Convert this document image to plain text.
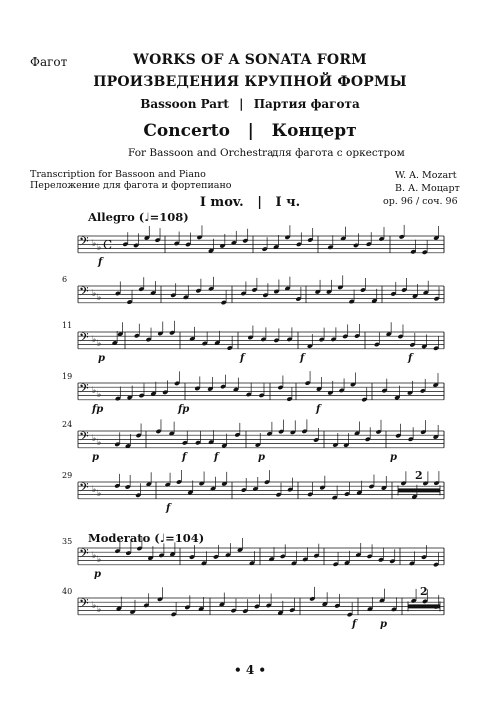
Фагот	WORKS OF A SONATA FORM
ПРОИЗВЕДЕНИЯ КРУПНОЙ ФОРМЫ
Bassoon Part | Партия фагота
Concerto   |   Концерт
For Bassoon and Orchestra
для фагота с оркестром
Transcription for Bassoon and Piano
Переложение для фагота и фортепиано
W. A. Mozart
В. А. Моцарт
op. 96 / соч. 96
I mov.   |   I ч.
Allegro (♩=108)
Moderato (♩=104)
• 4 •
𝄢 ♭ ♭ C
f
𝄢 ♭ ♭
6
𝄢 ♭ ♭
11
p	f	f	f
𝄢 ♭ ♭
19
fp	fp	f
𝄢 ♭ ♭
24
p	f	f	p	p
𝄢 ♭ ♭
29
f
𝄢 ♭ ♭
35
p
𝄢 ♭ ♭
40
f p
2
2
